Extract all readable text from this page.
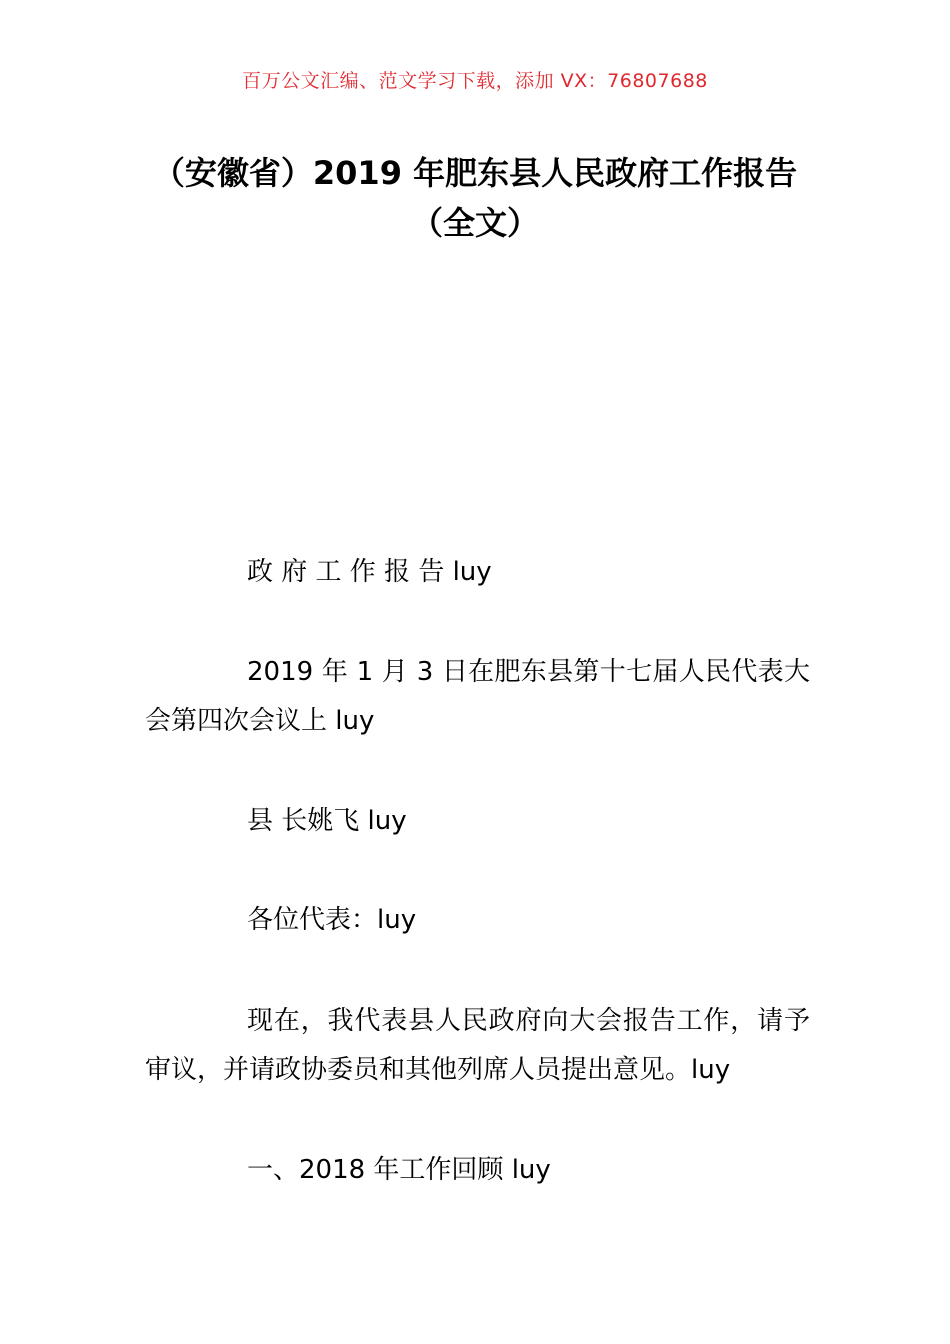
百万公文汇编、范文学习下载，添加 VX：76807688
（安徽省）2019 年肥东县人民政府工作报告（全文）
政 府 工 作 报 告 luy
2019 年 1 月 3 日在肥东县第十七届人民代表大会第四次会议上 luy
县 长姚飞 luy
各位代表：luy
现在，我代表县人民政府向大会报告工作，请予审议，并请政协委员和其他列席人员提出意见。luy
一、2018 年工作回顾 luy
